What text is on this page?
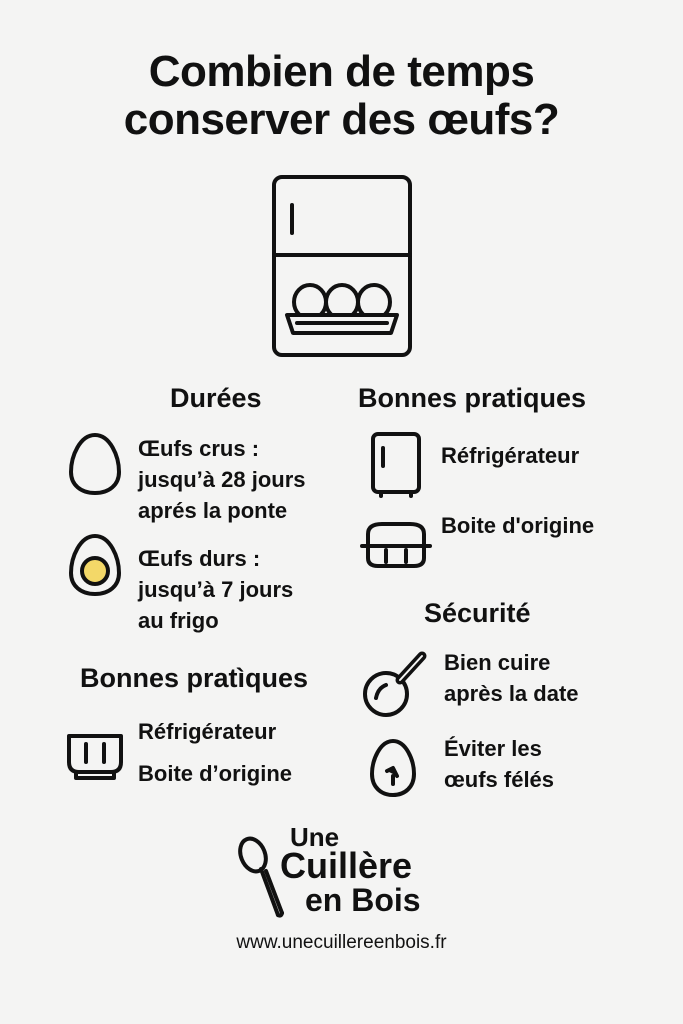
Combien de temps
conserver des œufs?
Durées
Œufs crus :
jusqu’à 28 jours
aprés la ponte
Œufs durs :
jusqu’à 7 jours
au frigo
Bonnes pratiques
Réfrigérateur
Boite d'origine
Sécurité
Bien cuire
après la date
Éviter les
œufs félés
Bonnes pratìques
Réfrigérateur
Boite d’origine
Une
Cuillère
en Bois
www.unecuillereenbois.fr
